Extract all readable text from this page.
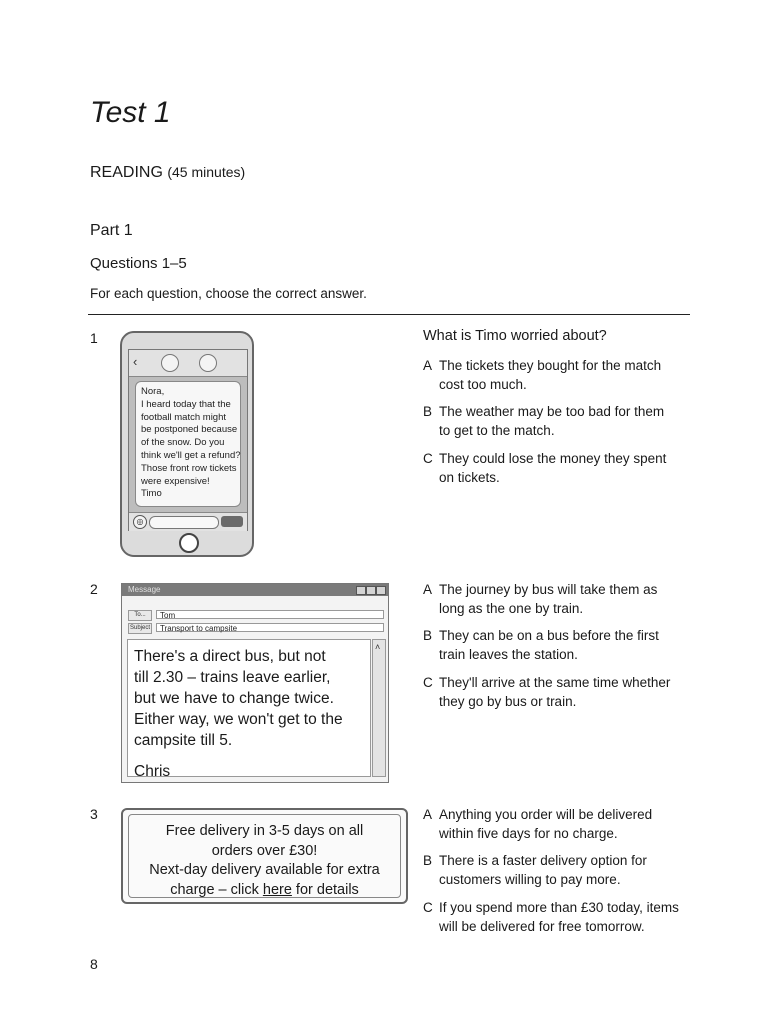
Test 1
READING (45 minutes)
Part 1
Questions 1–5
For each question, choose the correct answer.
1
‹
Nora,
I heard today that the
football match might
be postponed because
of the snow. Do you
think we'll get a refund?
Those front row tickets
were expensive!
Timo
◎
What is Timo worried about?
A The tickets they bought for the match
cost too much.
B The weather may be too bad for them
to get to the match.
C They could lose the money they spent
on tickets.
2	Message
To...	Tom
Subject	Transport to campsite
There's a direct bus, but not
till 2.30 – trains leave earlier,
but we have to change twice.
Either way, we won't get to the
campsite till 5.
Chris
˄
A The journey by bus will take them as
long as the one by train.
B They can be on a bus before the first
train leaves the station.
C They'll arrive at the same time whether
they go by bus or train.
3
Free delivery in 3-5 days on all
orders over £30!
Next-day delivery available for extra
charge – click here for details
A Anything you order will be delivered
within five days for no charge.
B There is a faster delivery option for
customers willing to pay more.
C If you spend more than £30 today, items
will be delivered for free tomorrow.
8
